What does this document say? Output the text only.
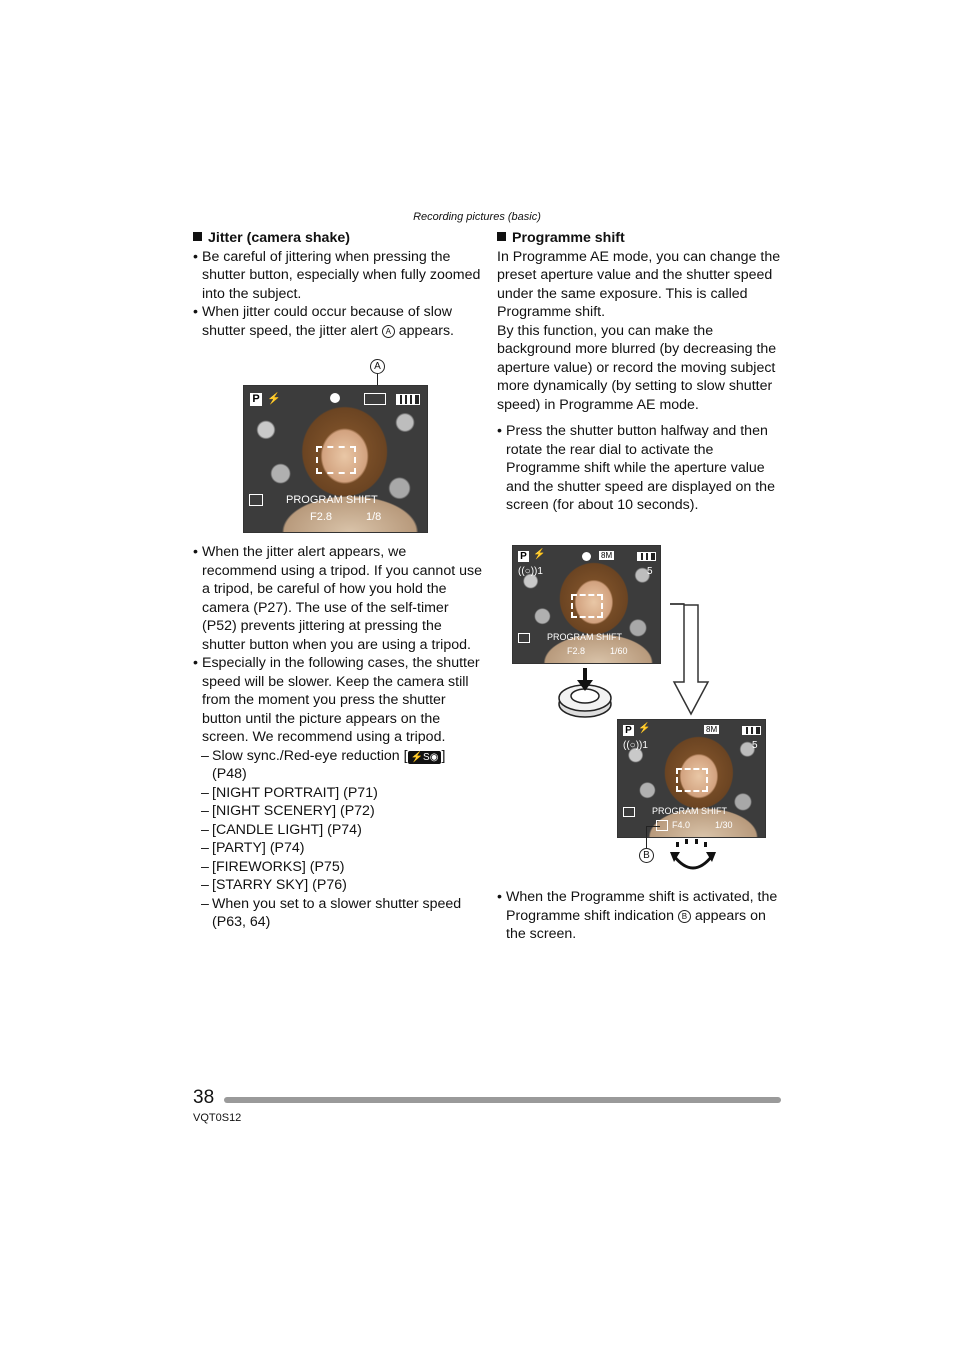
Recording pictures (basic)

Jitter (camera shake)

• Be careful of jittering when pressing the shutter button, especially when fully zoomed into the subject.

• When jitter could occur because of slow shutter speed, the jitter alert A appears.

A
P ⚡
PROGRAM SHIFT
F2.8	1/8

• When the jitter alert appears, we recommend using a tripod. If you cannot use a tripod, be careful of how you hold the camera (P27). The use of the self-timer (P52) prevents jittering at pressing the shutter button when you are using a tripod.

• Especially in the following cases, the shutter speed will be slower. Keep the camera still from the moment you press the shutter button until the picture appears on the screen. We recommend using a tripod.

– Slow sync./Red-eye reduction [ ⚡S◉ ] (P48)

– [NIGHT PORTRAIT] (P71)

– [NIGHT SCENERY] (P72)

– [CANDLE LIGHT] (P74)

– [PARTY] (P74)

– [FIREWORKS] (P75)

– [STARRY SKY] (P76)

– When you set to a slower shutter speed (P63, 64)

Programme shift

In Programme AE mode, you can change the preset aperture value and the shutter speed under the same exposure. This is called Programme shift.

By this function, you can make the background more blurred (by decreasing the aperture value) or record the moving subject more dynamically (by setting to slow shutter speed) in Programme AE mode.

• Press the shutter button halfway and then rotate the rear dial to activate the Programme shift while the aperture value and the shutter speed are displayed on the screen (for about 10 seconds).

P ⚡	8M
((○))1	5
PROGRAM SHIFT
F2.8	1/60
P ⚡	8M
((○))1	5
PROGRAM SHIFT
F4.0	1/30
B

• When the Programme shift is activated, the Programme shift indication B appears on the screen.

38
VQT0S12
